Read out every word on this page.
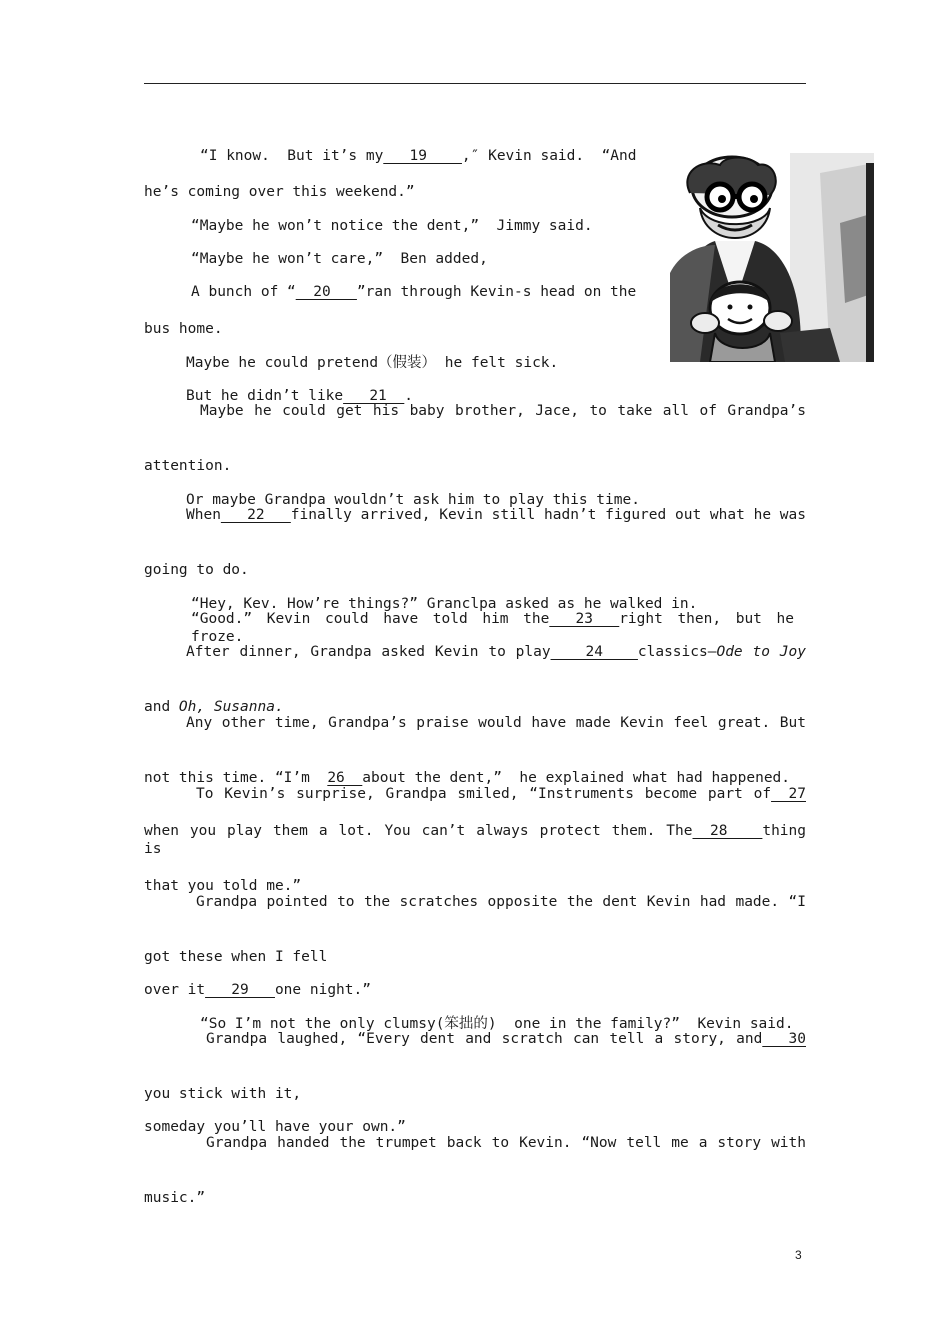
“I know.  But it’s my___19____,″ Kevin said.  “And

he’s coming over this weekend.”

“Maybe he won’t notice the dent,”  Jimmy said.

“Maybe he won’t care,”  Ben added,

A bunch of “__20___”ran through Kevin-s head on the

bus home.

Maybe he could pretend（假装） he felt sick.

But he didn’t like___21__.

Maybe he could get his baby brother, Jace, to take all of Grandpa’s

attention.

Or maybe Grandpa wouldn’t ask him to play this time.

When___22___finally arrived, Kevin still hadn’t figured out what he was

going to do.

“Hey, Kev. How’re things?” Granclpa asked as he walked in.

“Good.” Kevin could have told him the___23___right then, but he froze.
After dinner, Grandpa asked Kevin to play____24____classics—Ode to Joy

and Oh, Susanna.

Any other time, Grandpa’s praise would have made Kevin feel great. But

not this time. “I’m  26__about the dent,”  he explained what had happened.

To Kevin’s surprise, Grandpa smiled, “Instruments become part of__27
when you play them a lot. You can’t always protect them. The__28____thing is

that you told me.”

Grandpa pointed to the scratches opposite the dent Kevin had made. “I

got these when I fell

over it___29___one night.”

“So I’m not the only clumsy(笨拙的)  one in the family?”  Kevin said.

Grandpa laughed, “Every dent and scratch can tell a story, and___30

you stick with it,

someday you’ll have your own.”

Grandpa handed the trumpet back to Kevin. “Now tell me a story with

music.”

3
